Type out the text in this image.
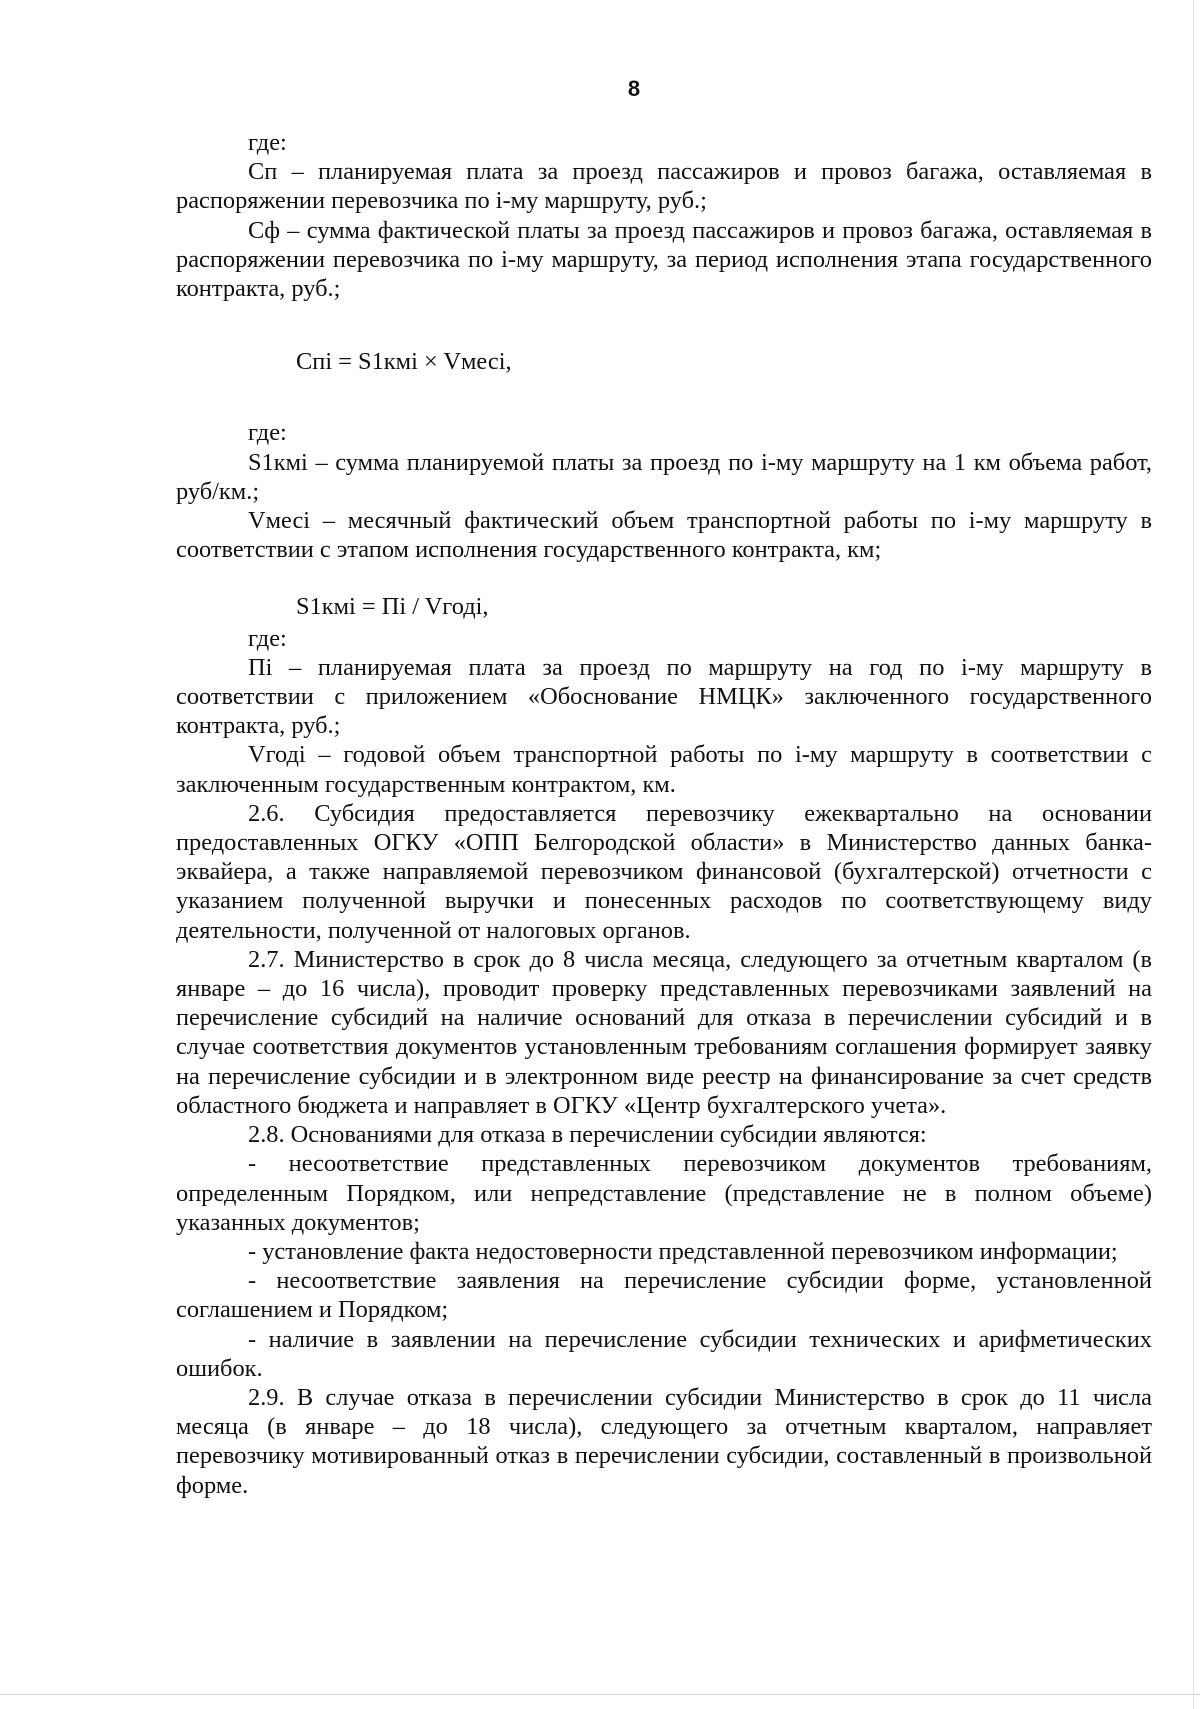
8

где:

Сп – планируемая плата за проезд пассажиров и провоз багажа, оставляемая в распоряжении перевозчика по i-му маршруту, руб.;

Сф – сумма фактической платы за проезд пассажиров и провоз багажа, оставляемая в распоряжении перевозчика по i-му маршруту, за период исполнения этапа государственного контракта, руб.;

Спi = S1кмi × Vмесi,

где:

S1кмi – сумма планируемой платы за проезд по i-му маршруту на 1 км объема работ, руб/км.;

Vмесi – месячный фактический объем транспортной работы по i-му маршруту в соответствии с этапом исполнения государственного контракта, км;

S1кмi = Пi / Vгодi,

где:

Пi – планируемая плата за проезд по маршруту на год по i-му маршруту в соответствии с приложением «Обоснование НМЦК» заключенного государственного контракта, руб.;

Vгодi – годовой объем транспортной работы по i-му маршруту в соответствии с заключенным государственным контрактом, км.

2.6. Субсидия предоставляется перевозчику ежеквартально на основании предоставленных ОГКУ «ОПП Белгородской области» в Министерство данных банка-эквайера, а также направляемой перевозчиком финансовой (бухгалтерской) отчетности с указанием полученной выручки и понесенных расходов по соответствующему виду деятельности, полученной от налоговых органов.

2.7. Министерство в срок до 8 числа месяца, следующего за отчетным кварталом (в январе – до 16 числа), проводит проверку представленных перевозчиками заявлений на перечисление субсидий на наличие оснований для отказа в перечислении субсидий и в случае соответствия документов установленным требованиям соглашения формирует заявку на перечисление субсидии и в электронном виде реестр на финансирование за счет средств областного бюджета и направляет в ОГКУ «Центр бухгалтерского учета».

2.8. Основаниями для отказа в перечислении субсидии являются:

- несоответствие представленных перевозчиком документов требованиям, определенным Порядком, или непредставление (представление не в полном объеме) указанных документов;

- установление факта недостоверности представленной перевозчиком информации;

- несоответствие заявления на перечисление субсидии форме, установленной соглашением и Порядком;

- наличие в заявлении на перечисление субсидии технических и арифметических ошибок.

2.9. В случае отказа в перечислении субсидии Министерство в срок до 11 числа месяца (в январе – до 18 числа), следующего за отчетным кварталом, направляет перевозчику мотивированный отказ в перечислении субсидии, составленный в произвольной форме.
